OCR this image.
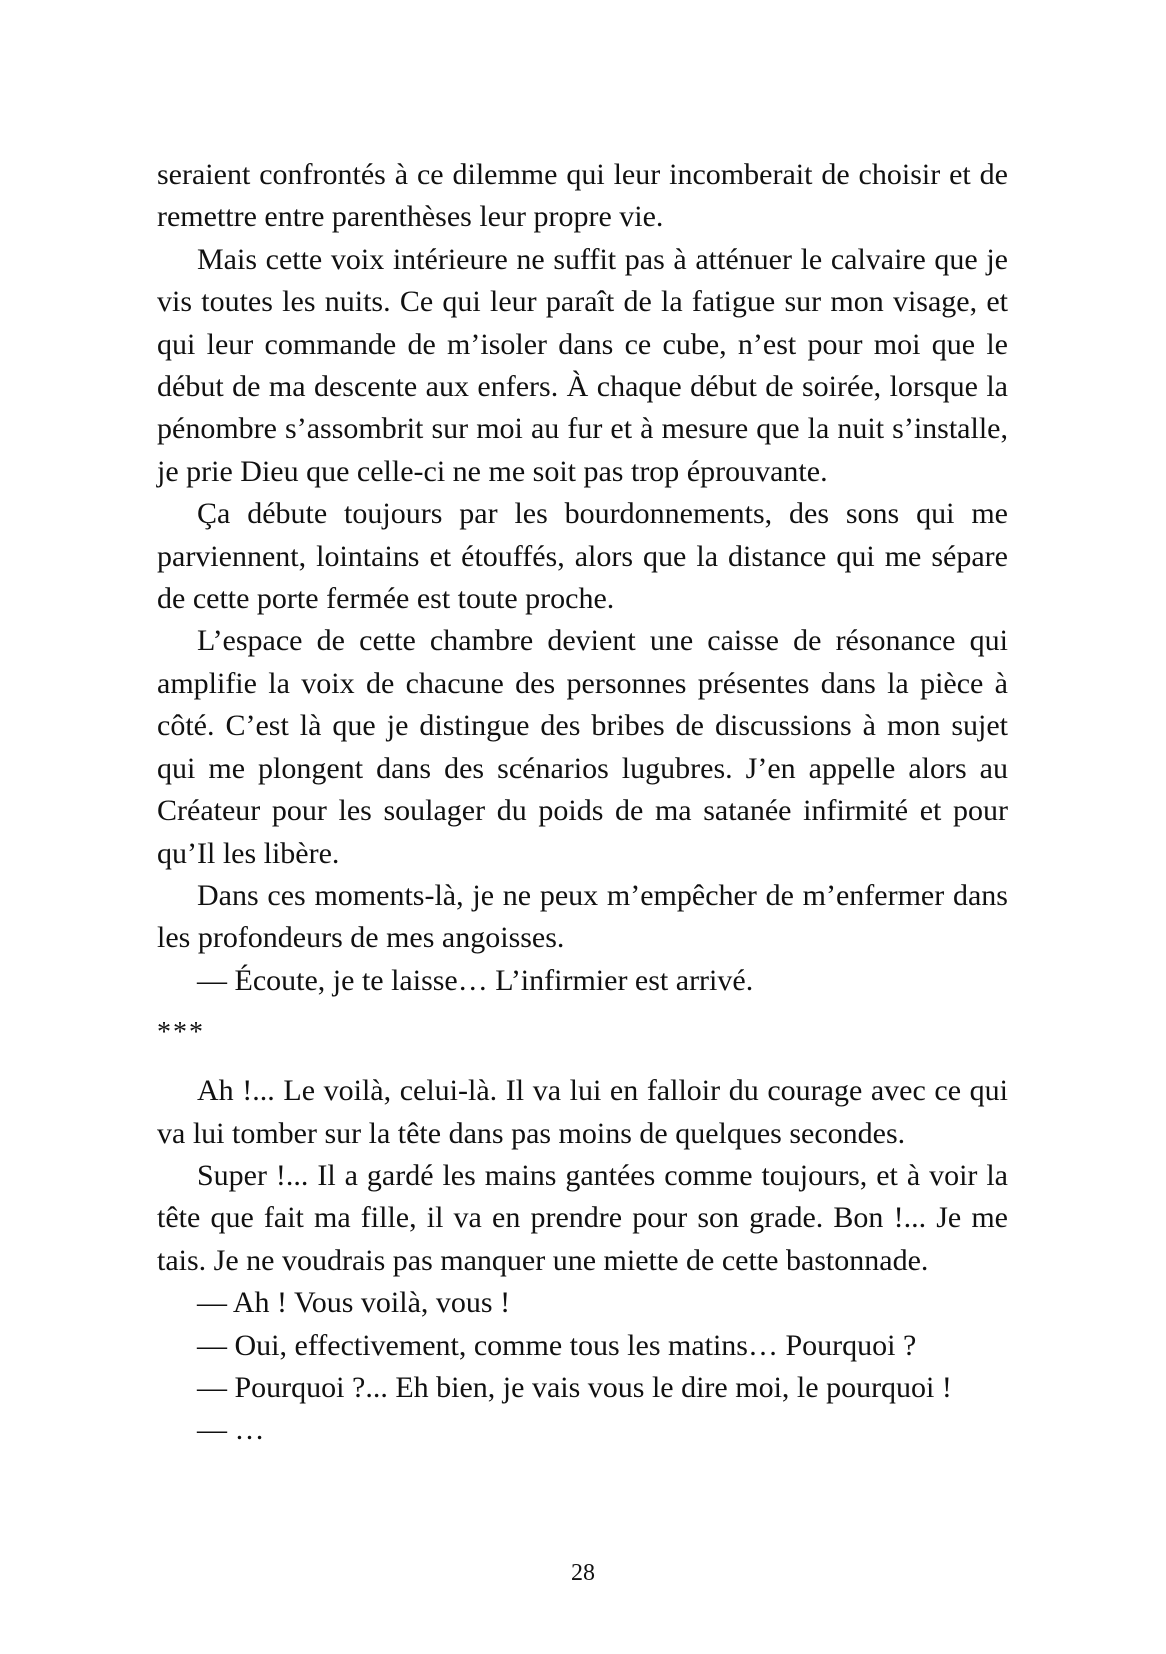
seraient confrontés à ce dilemme qui leur incomberait de choisir et de remettre entre parenthèses leur propre vie.

Mais cette voix intérieure ne suffit pas à atténuer le calvaire que je vis toutes les nuits. Ce qui leur paraît de la fatigue sur mon visage, et qui leur commande de m’isoler dans ce cube, n’est pour moi que le début de ma descente aux enfers. À chaque début de soirée, lorsque la pénombre s’assombrit sur moi au fur et à mesure que la nuit s’installe, je prie Dieu que celle-ci ne me soit pas trop éprouvante.

Ça débute toujours par les bourdonnements, des sons qui me parviennent, lointains et étouffés, alors que la distance qui me sépare de cette porte fermée est toute proche.

L’espace de cette chambre devient une caisse de résonance qui amplifie la voix de chacune des personnes présentes dans la pièce à côté. C’est là que je distingue des bribes de discussions à mon sujet qui me plongent dans des scénarios lugubres. J’en appelle alors au Créateur pour les soulager du poids de ma satanée infirmité et pour qu’Il les libère.

Dans ces moments-là, je ne peux m’empêcher de m’enfermer dans les profondeurs de mes angoisses.

— Écoute, je te laisse… L’infirmier est arrivé.

***

Ah !... Le voilà, celui-là. Il va lui en falloir du courage avec ce qui va lui tomber sur la tête dans pas moins de quelques secondes.

Super !... Il a gardé les mains gantées comme toujours, et à voir la tête que fait ma fille, il va en prendre pour son grade. Bon !... Je me tais. Je ne voudrais pas manquer une miette de cette bastonnade.

— Ah ! Vous voilà, vous !

— Oui, effectivement, comme tous les matins… Pourquoi ?

— Pourquoi ?... Eh bien, je vais vous le dire moi, le pourquoi !

— …

28
